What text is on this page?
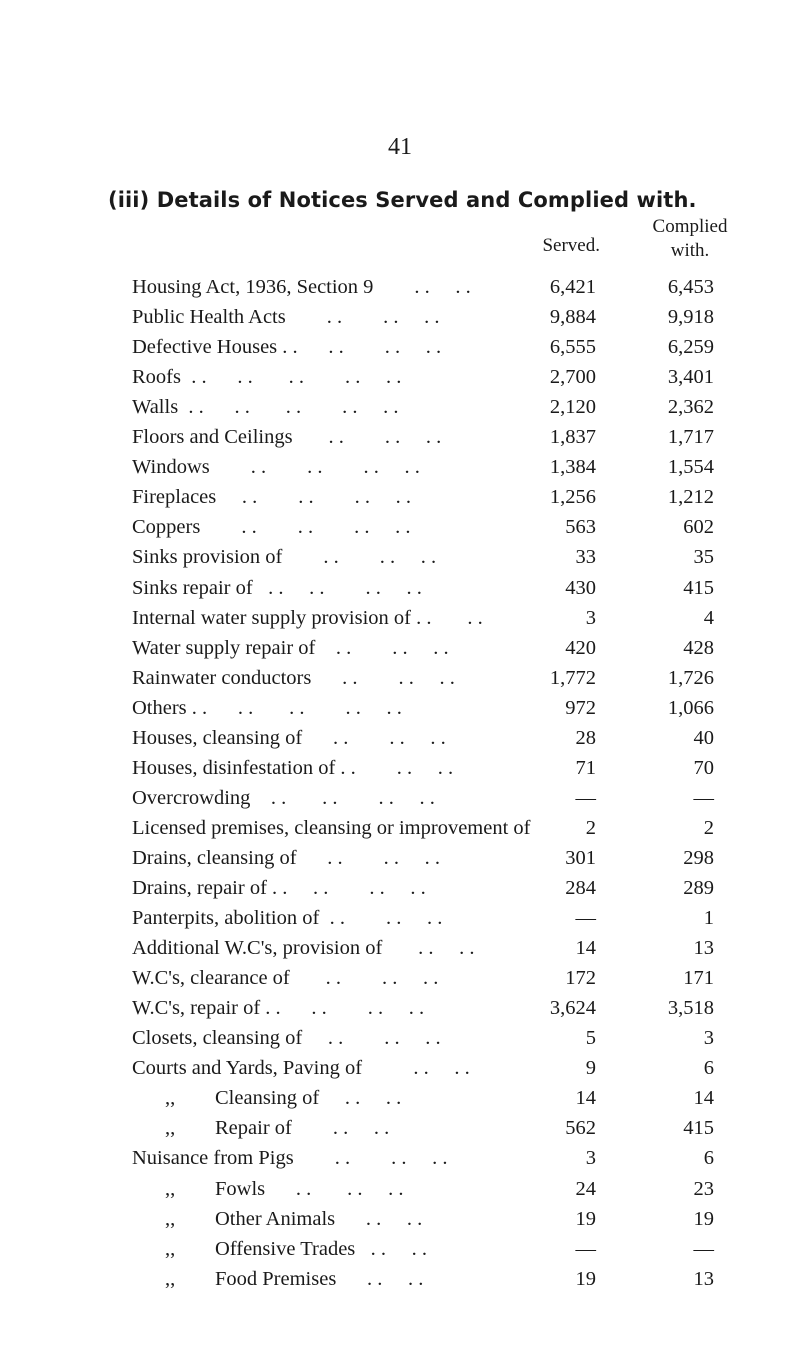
41
(iii) Details of Notices Served and Complied with.
Served.
Complied
with.
Housing Act, 1936, Section 9        . .     . .	6,421	6,453
Public Health Acts        . .        . .     . .	9,884	9,918
Defective Houses . .      . .        . .     . .	6,555	6,259
Roofs  . .      . .       . .        . .     . .	2,700	3,401
Walls  . .      . .       . .        . .     . .	2,120	2,362
Floors and Ceilings       . .        . .     . .	1,837	1,717
Windows        . .        . .        . .     . .	1,384	1,554
Fireplaces     . .        . .        . .     . .	1,256	1,212
Coppers        . .        . .        . .     . .	563	602
Sinks provision of        . .        . .     . .	33	35
Sinks repair of   . .     . .        . .     . .	430	415
Internal water supply provision of . .       . .	3	4
Water supply repair of    . .        . .     . .	420	428
Rainwater conductors      . .        . .     . .	1,772	1,726
Others . .      . .       . .        . .     . .	972	1,066
Houses, cleansing of      . .        . .     . .	28	40
Houses, disinfestation of . .        . .     . .	71	70
Overcrowding    . .       . .        . .     . .	—	—
Licensed premises, cleansing or improvement of	2	2
Drains, cleansing of      . .        . .     . .	301	298
Drains, repair of . .     . .        . .     . .	284	289
Panterpits, abolition of  . .        . .     . .	—	1
Additional W.C's, provision of       . .     . .	14	13
W.C's, clearance of       . .        . .     . .	172	171
W.C's, repair of . .      . .        . .     . .	3,624	3,518
Closets, cleansing of     . .        . .     . .	5	3
Courts and Yards, Paving of          . .     . .	9	6
,, Cleansing of     . .     . .	14	14
,, Repair of        . .     . .	562	415
Nuisance from Pigs        . .        . .     . .	3	6
,, Fowls      . .       . .     . .	24	23
,, Other Animals      . .     . .	19	19
,, Offensive Trades   . .     . .	—	—
,, Food Premises      . .     . .	19	13
